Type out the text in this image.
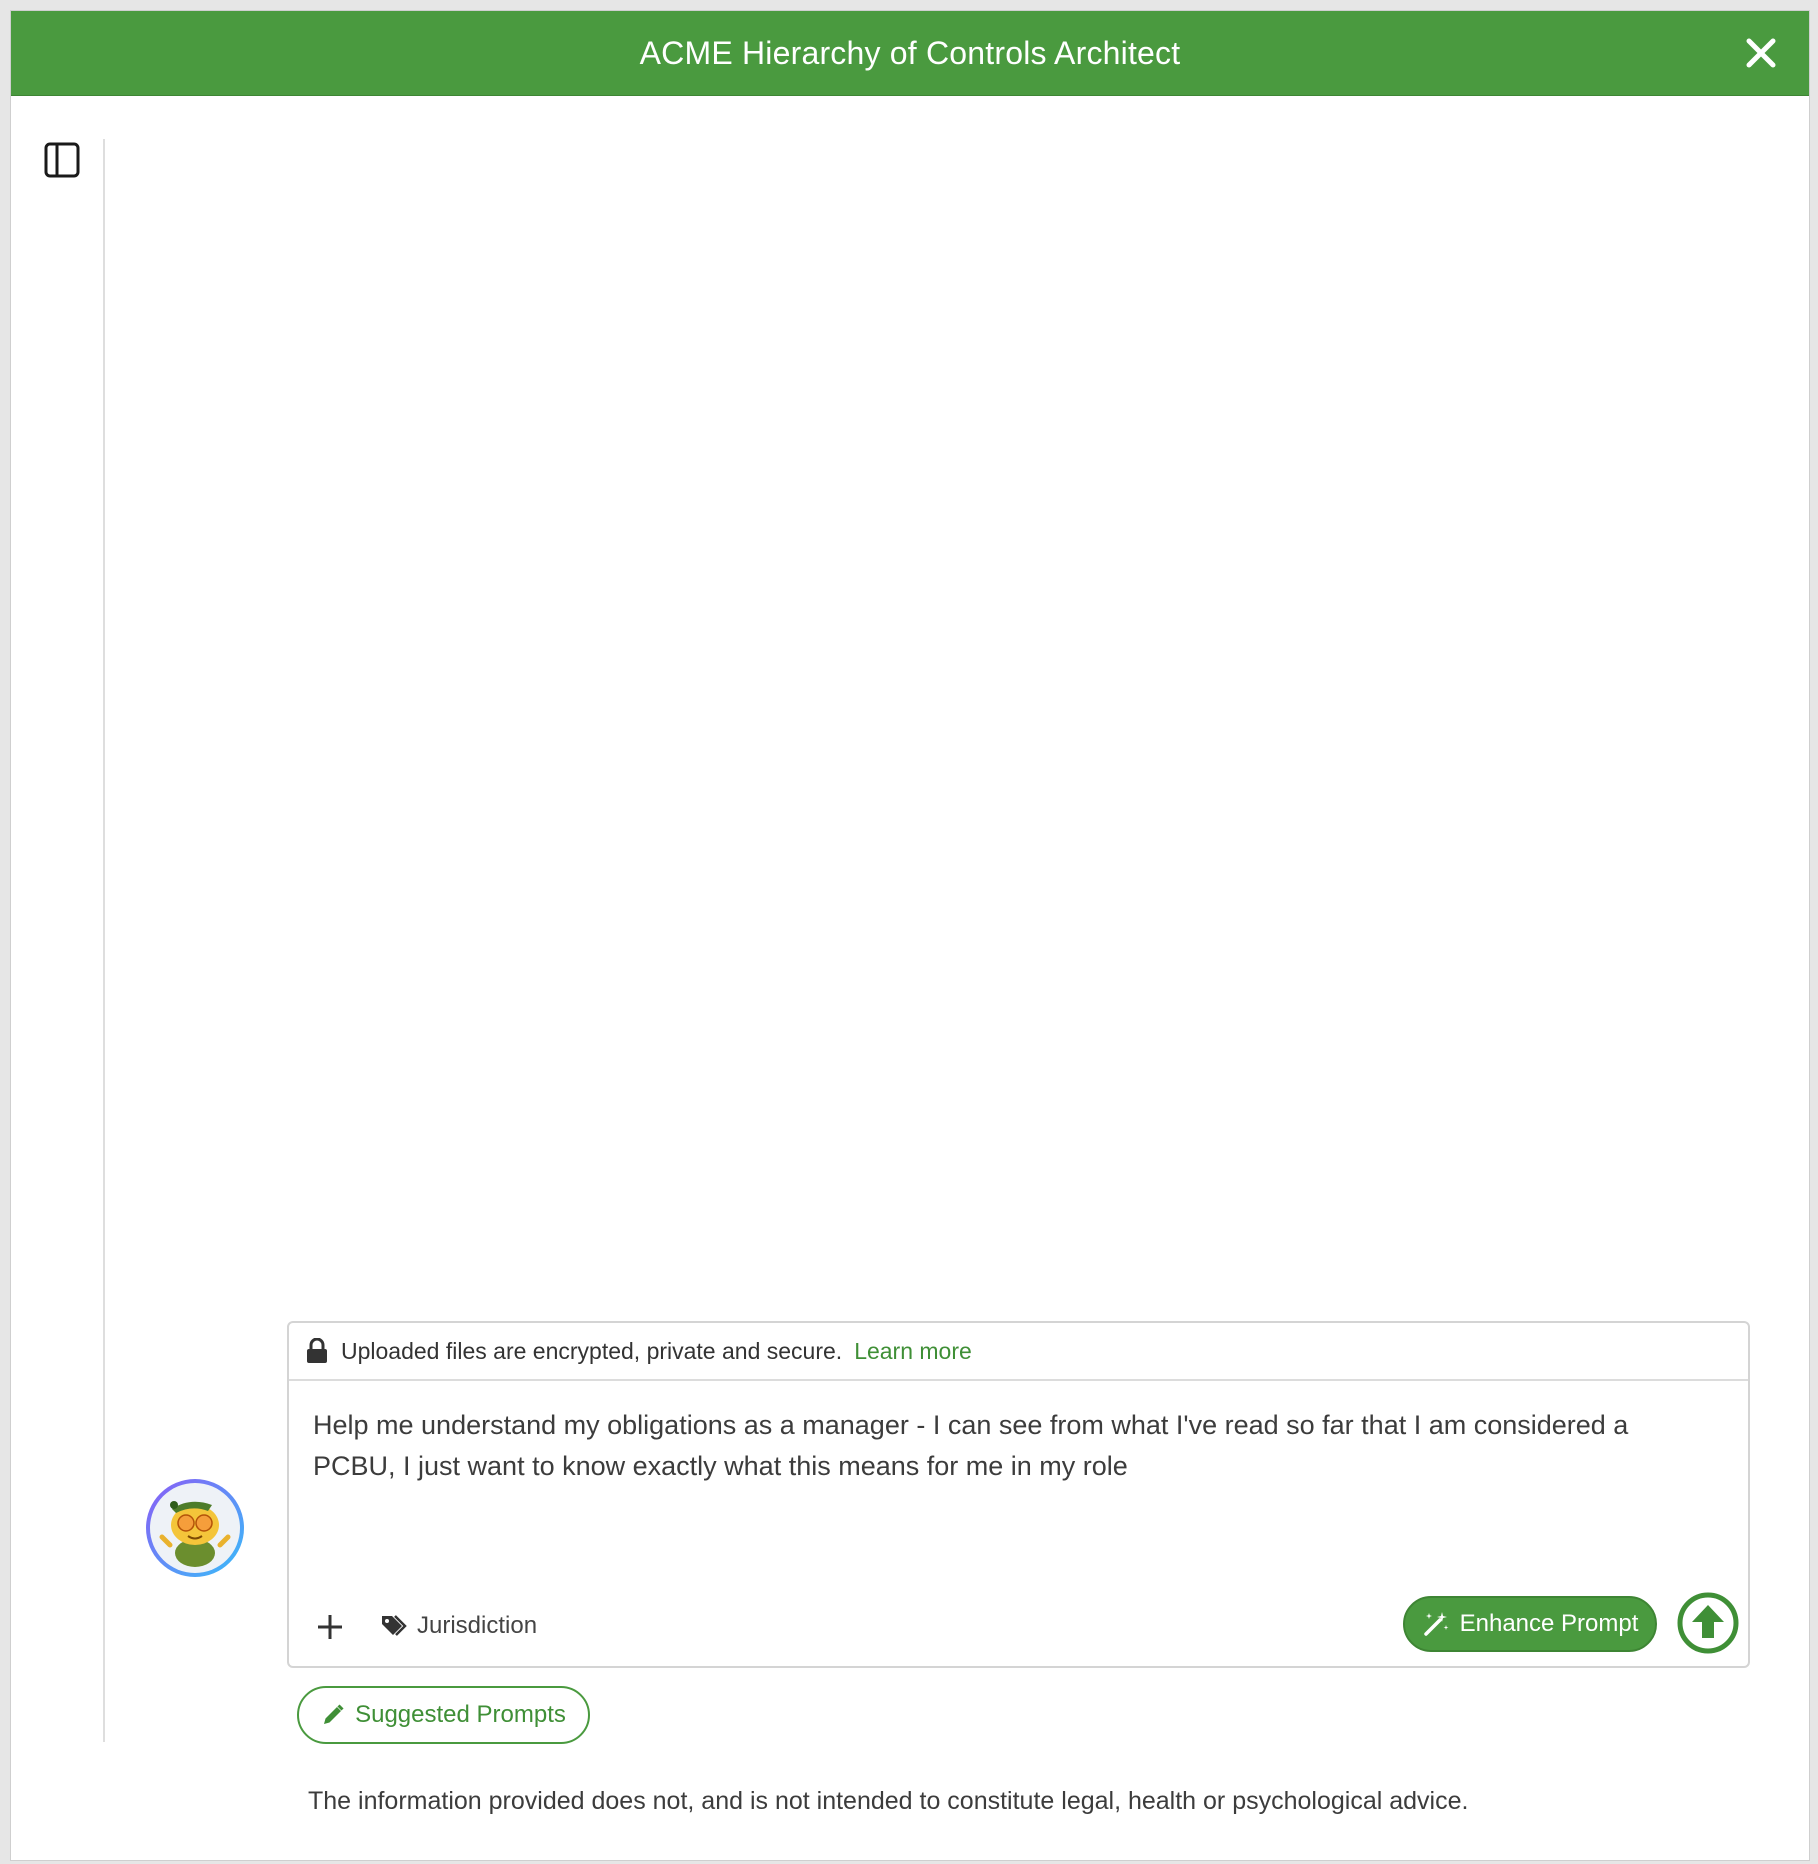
ACME Hierarchy of Controls Architect
Uploaded files are encrypted, private and secure. Learn more
Help me understand my obligations as a manager - I can see from what I've read so far that I am considered a PCBU, I just want to know exactly what this means for me in my role
Jurisdiction	Enhance Prompt
Suggested Prompts
The information provided does not, and is not intended to constitute legal, health or psychological advice.
